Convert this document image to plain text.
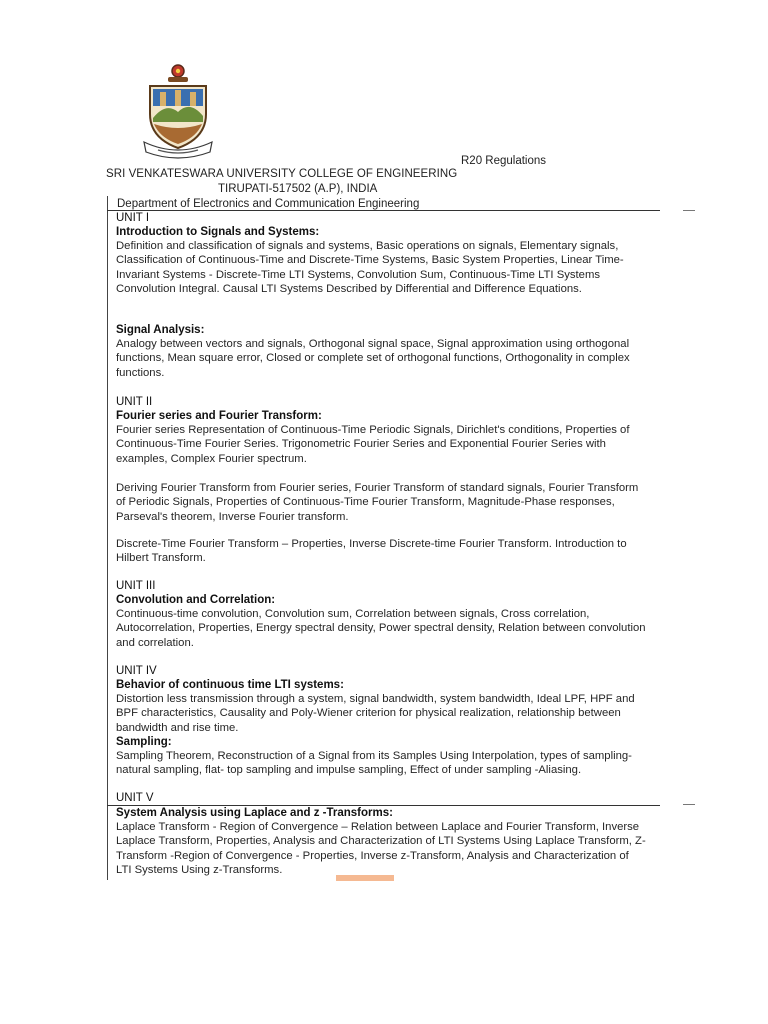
R20 Regulations
SRI VENKATESWARA UNIVERSITY COLLEGE OF ENGINEERING
TIRUPATI-517502 (A.P), INDIA
Department of Electronics and Communication Engineering
UNIT I
Introduction to Signals and Systems:

Definition and classification of signals and systems, Basic operations on signals, Elementary signals, Classification of Continuous-Time and Discrete-Time Systems, Basic System Properties, Linear Time- Invariant Systems - Discrete-Time LTI Systems, Convolution Sum, Continuous-Time LTI Systems Convolution Integral. Causal LTI Systems Described by Differential and Difference Equations.

Signal Analysis:

Analogy between vectors and signals, Orthogonal signal space, Signal approximation using orthogonal functions, Mean square error, Closed or complete set of orthogonal functions, Orthogonality in complex functions.

UNIT II
Fourier series and Fourier Transform:

Fourier series Representation of Continuous-Time Periodic Signals, Dirichlet's conditions, Properties of Continuous-Time Fourier Series. Trigonometric Fourier Series and Exponential Fourier Series with examples, Complex Fourier spectrum.

Deriving Fourier Transform from Fourier series, Fourier Transform of standard signals, Fourier Transform of Periodic Signals, Properties of Continuous-Time Fourier Transform, Magnitude-Phase responses, Parseval's theorem, Inverse Fourier transform.

Discrete-Time Fourier Transform – Properties, Inverse Discrete-time Fourier Transform. Introduction to Hilbert Transform.

UNIT III
Convolution and Correlation:

Continuous-time convolution, Convolution sum, Correlation between signals, Cross correlation, Autocorrelation, Properties, Energy spectral density, Power spectral density, Relation between convolution and correlation.

UNIT IV
Behavior of continuous time LTI systems:

Distortion less transmission through a system, signal bandwidth, system bandwidth, Ideal LPF, HPF and BPF characteristics, Causality and Poly-Wiener criterion for physical realization, relationship between bandwidth and rise time.

Sampling:

Sampling Theorem, Reconstruction of a Signal from its Samples Using Interpolation, types of sampling- natural sampling, flat- top sampling and impulse sampling, Effect of under sampling -Aliasing.

UNIT V
System Analysis using Laplace and z -Transforms:

Laplace Transform - Region of Convergence – Relation between Laplace and Fourier Transform, Inverse Laplace Transform, Properties, Analysis and Characterization of LTI Systems Using Laplace Transform, Z- Transform -Region of Convergence - Properties, Inverse z-Transform, Analysis and Characterization of LTI Systems Using z-Transforms.
